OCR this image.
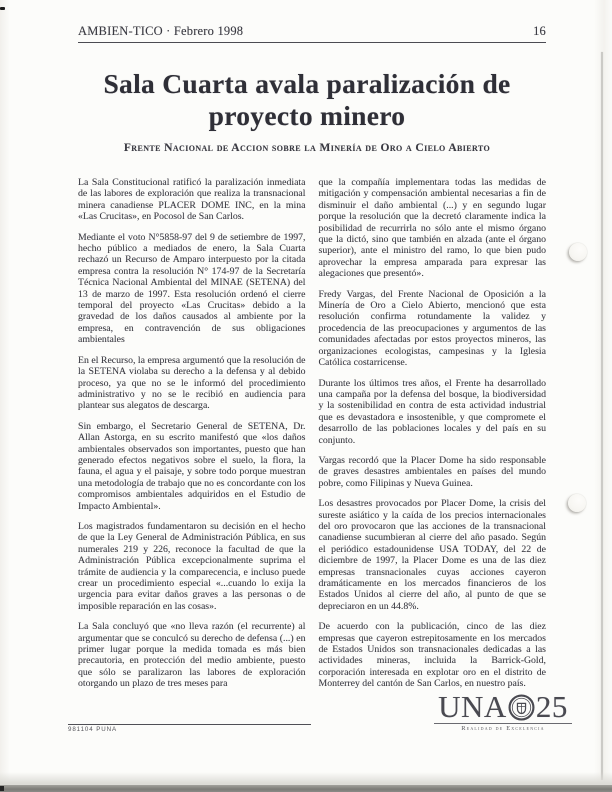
AMBIEN-TICO · Febrero 1998	16
Sala Cuarta avala paralización de proyecto minero
Frente Nacional de Accion sobre la Minería de Oro a Cielo Abierto

La Sala Constitucional ratificó la paralización inmediata de las labores de exploración que realiza la transnacional minera canadiense PLACER DOME INC, en la mina «Las Crucitas», en Pocosol de San Carlos.

Mediante el voto N°5858-97 del 9 de setiembre de 1997, hecho público a mediados de enero, la Sala Cuarta rechazó un Recurso de Amparo interpuesto por la citada empresa contra la resolución N° 174-97 de la Secretaría Técnica Nacional Ambiental del MINAE (SETENA) del 13 de marzo de 1997. Esta resolución ordenó el cierre temporal del proyecto «Las Crucitas» debido a la gravedad de los daños causados al ambiente por la empresa, en contravención de sus obligaciones ambientales

En el Recurso, la empresa argumentó que la resolución de la SETENA violaba su derecho a la defensa y al debido proceso, ya que no se le informó del procedimiento administrativo y no se le recibió en audiencia para plantear sus alegatos de descarga.

Sin embargo, el Secretario General de SETENA, Dr. Allan Astorga, en su escrito manifestó que «los daños ambientales observados son importantes, puesto que han generado efectos negativos sobre el suelo, la flora, la fauna, el agua y el paisaje, y sobre todo porque muestran una metodología de trabajo que no es concordante con los compromisos ambientales adquiridos en el Estudio de Impacto Ambiental».

Los magistrados fundamentaron su decisión en el hecho de que la Ley General de Administración Pública, en sus numerales 219 y 226, reconoce la facultad de que la Administración Pública excepcionalmente suprima el trámite de audiencia y la comparecencia, e incluso puede crear un procedimiento especial «...cuando lo exija la urgencia para evitar daños graves a las personas o de imposible reparación en las cosas».

La Sala concluyó que «no lleva razón (el recurrente) al argumentar que se conculcó su derecho de defensa (...) en primer lugar porque la medida tomada es más bien precautoria, en protección del medio ambiente, puesto que sólo se paralizaron las labores de exploración otorgando un plazo de tres meses para

que la compañía implementara todas las medidas de mitigación y compensación ambiental necesarias a fin de disminuir el daño ambiental (...) y en segundo lugar porque la resolución que la decretó claramente indica la posibilidad de recurrirla no sólo ante el mismo órgano que la dictó, sino que también en alzada (ante el órgano superior), ante el ministro del ramo, lo que bien pudo aprovechar la empresa amparada para expresar las alegaciones que presentó».

Fredy Vargas, del Frente Nacional de Oposición a la Minería de Oro a Cielo Abierto, mencionó que esta resolución confirma rotundamente la validez y procedencia de las preocupaciones y argumentos de las comunidades afectadas por estos proyectos mineros, las organizaciones ecologistas, campesinas y la Iglesia Católica costarricense.

Durante los últimos tres años, el Frente ha desarrollado una campaña por la defensa del bosque, la biodiversidad y la sostenibilidad en contra de esta actividad industrial que es devastadora e insostenible, y que compromete el desarrollo de las poblaciones locales y del país en su conjunto.

Vargas recordó que la Placer Dome ha sido responsable de graves desastres ambientales en países del mundo pobre, como Filipinas y Nueva Guinea.

Los desastres provocados por Placer Dome, la crisis del sureste asiático y la caída de los precios internacionales del oro provocaron que las acciones de la transnacional canadiense sucumbieran al cierre del año pasado. Según el periódico estadounidense USA TODAY, del 22 de diciembre de 1997, la Placer Dome es una de las diez empresas transnacionales cuyas acciones cayeron dramáticamente en los mercados financieros de los Estados Unidos al cierre del año, al punto de que se depreciaron en un 44.8%.

De acuerdo con la publicación, cinco de las diez empresas que cayeron estrepitosamente en los mercados de Estados Unidos son transnacionales dedicadas a las actividades mineras, incluida la Barrick-Gold, corporación interesada en explotar oro en el distrito de Monterrey del cantón de San Carlos, en nuestro país.

981104 PUNA
UNA 25
Realidad de Excelencia
